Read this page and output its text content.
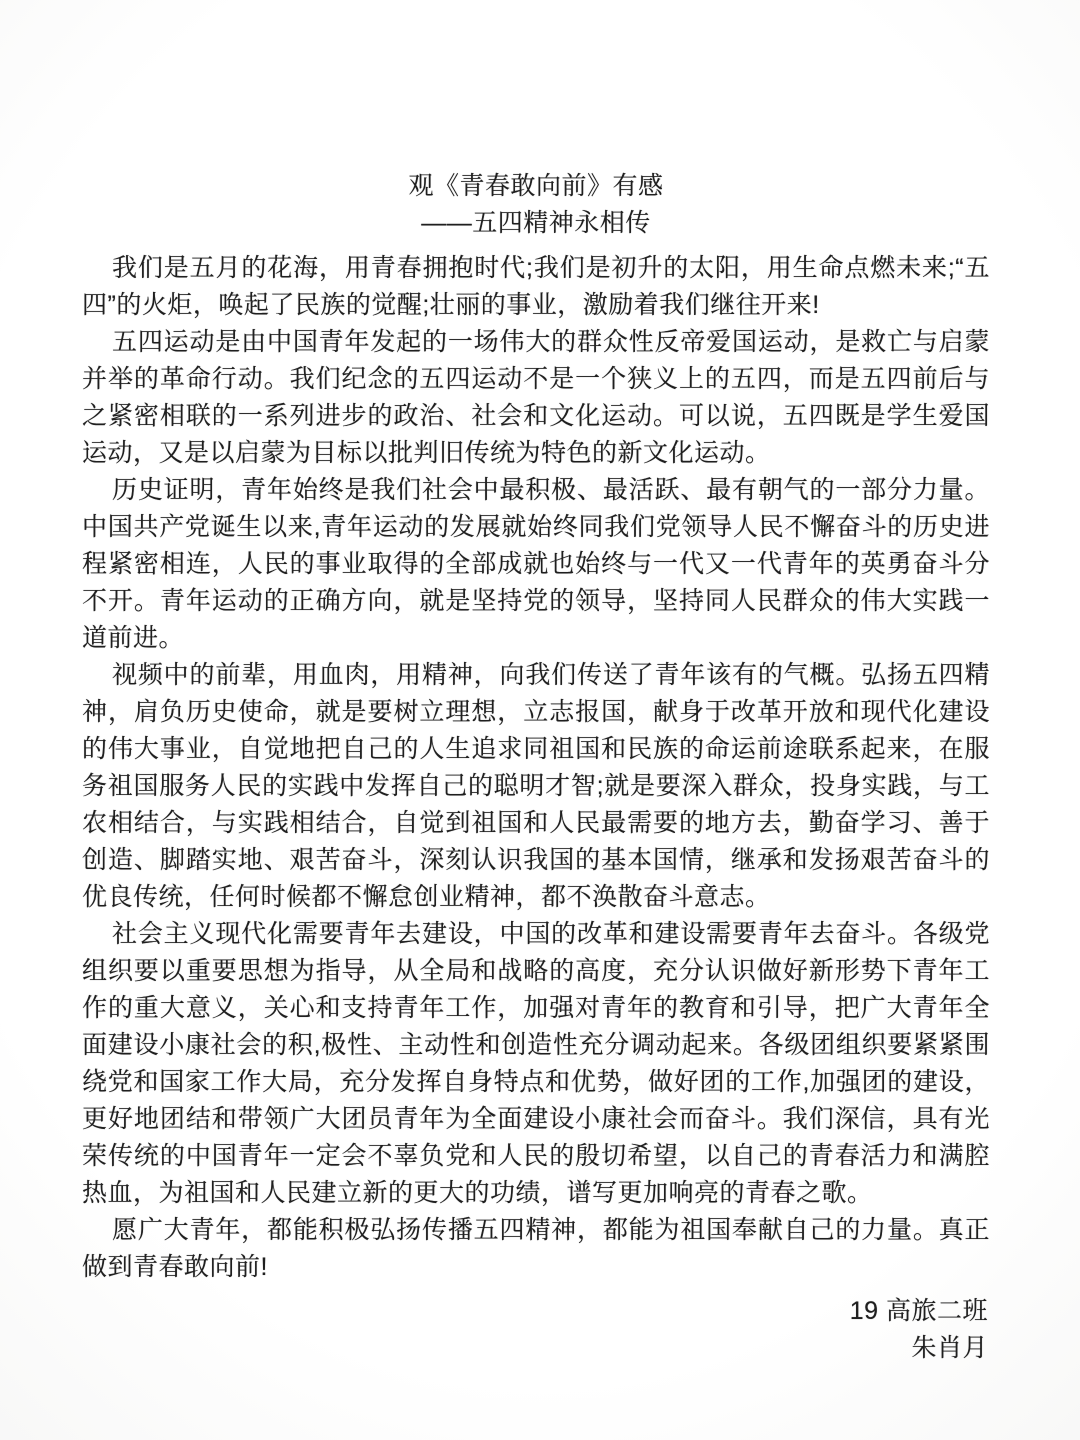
观《青春敢向前》有感
——五四精神永相传

我们是五月的花海，用青春拥抱时代;我们是初升的太阳，用生命点燃未来;“五四”的火炬，唤起了民族的觉醒;壮丽的事业，激励着我们继往开来!

五四运动是由中国青年发起的一场伟大的群众性反帝爱国运动，是救亡与启蒙并举的革命行动。我们纪念的五四运动不是一个狭义上的五四，而是五四前后与之紧密相联的一系列进步的政治、社会和文化运动。可以说，五四既是学生爱国运动，又是以启蒙为目标以批判旧传统为特色的新文化运动。

历史证明，青年始终是我们社会中最积极、最活跃、最有朝气的一部分力量。中国共产党诞生以来,青年运动的发展就始终同我们党领导人民不懈奋斗的历史进程紧密相连，人民的事业取得的全部成就也始终与一代又一代青年的英勇奋斗分不开。青年运动的正确方向，就是坚持党的领导，坚持同人民群众的伟大实践一道前进。

视频中的前辈，用血肉，用精神，向我们传送了青年该有的气概。弘扬五四精神，肩负历史使命，就是要树立理想，立志报国，献身于改革开放和现代化建设的伟大事业，自觉地把自己的人生追求同祖国和民族的命运前途联系起来，在服务祖国服务人民的实践中发挥自己的聪明才智;就是要深入群众，投身实践，与工农相结合，与实践相结合，自觉到祖国和人民最需要的地方去，勤奋学习、善于创造、脚踏实地、艰苦奋斗，深刻认识我国的基本国情，继承和发扬艰苦奋斗的优良传统，任何时候都不懈怠创业精神，都不涣散奋斗意志。

社会主义现代化需要青年去建设，中国的改革和建设需要青年去奋斗。各级党组织要以重要思想为指导，从全局和战略的高度，充分认识做好新形势下青年工作的重大意义，关心和支持青年工作，加强对青年的教育和引导，把广大青年全面建设小康社会的积,极性、主动性和创造性充分调动起来。各级团组织要紧紧围绕党和国家工作大局，充分发挥自身特点和优势，做好团的工作,加强团的建设，更好地团结和带领广大团员青年为全面建设小康社会而奋斗。我们深信，具有光荣传统的中国青年一定会不辜负党和人民的殷切希望，以自己的青春活力和满腔热血，为祖国和人民建立新的更大的功绩，谱写更加响亮的青春之歌。

愿广大青年，都能积极弘扬传播五四精神，都能为祖国奉献自己的力量。真正做到青春敢向前!

19 高旅二班
朱肖月
